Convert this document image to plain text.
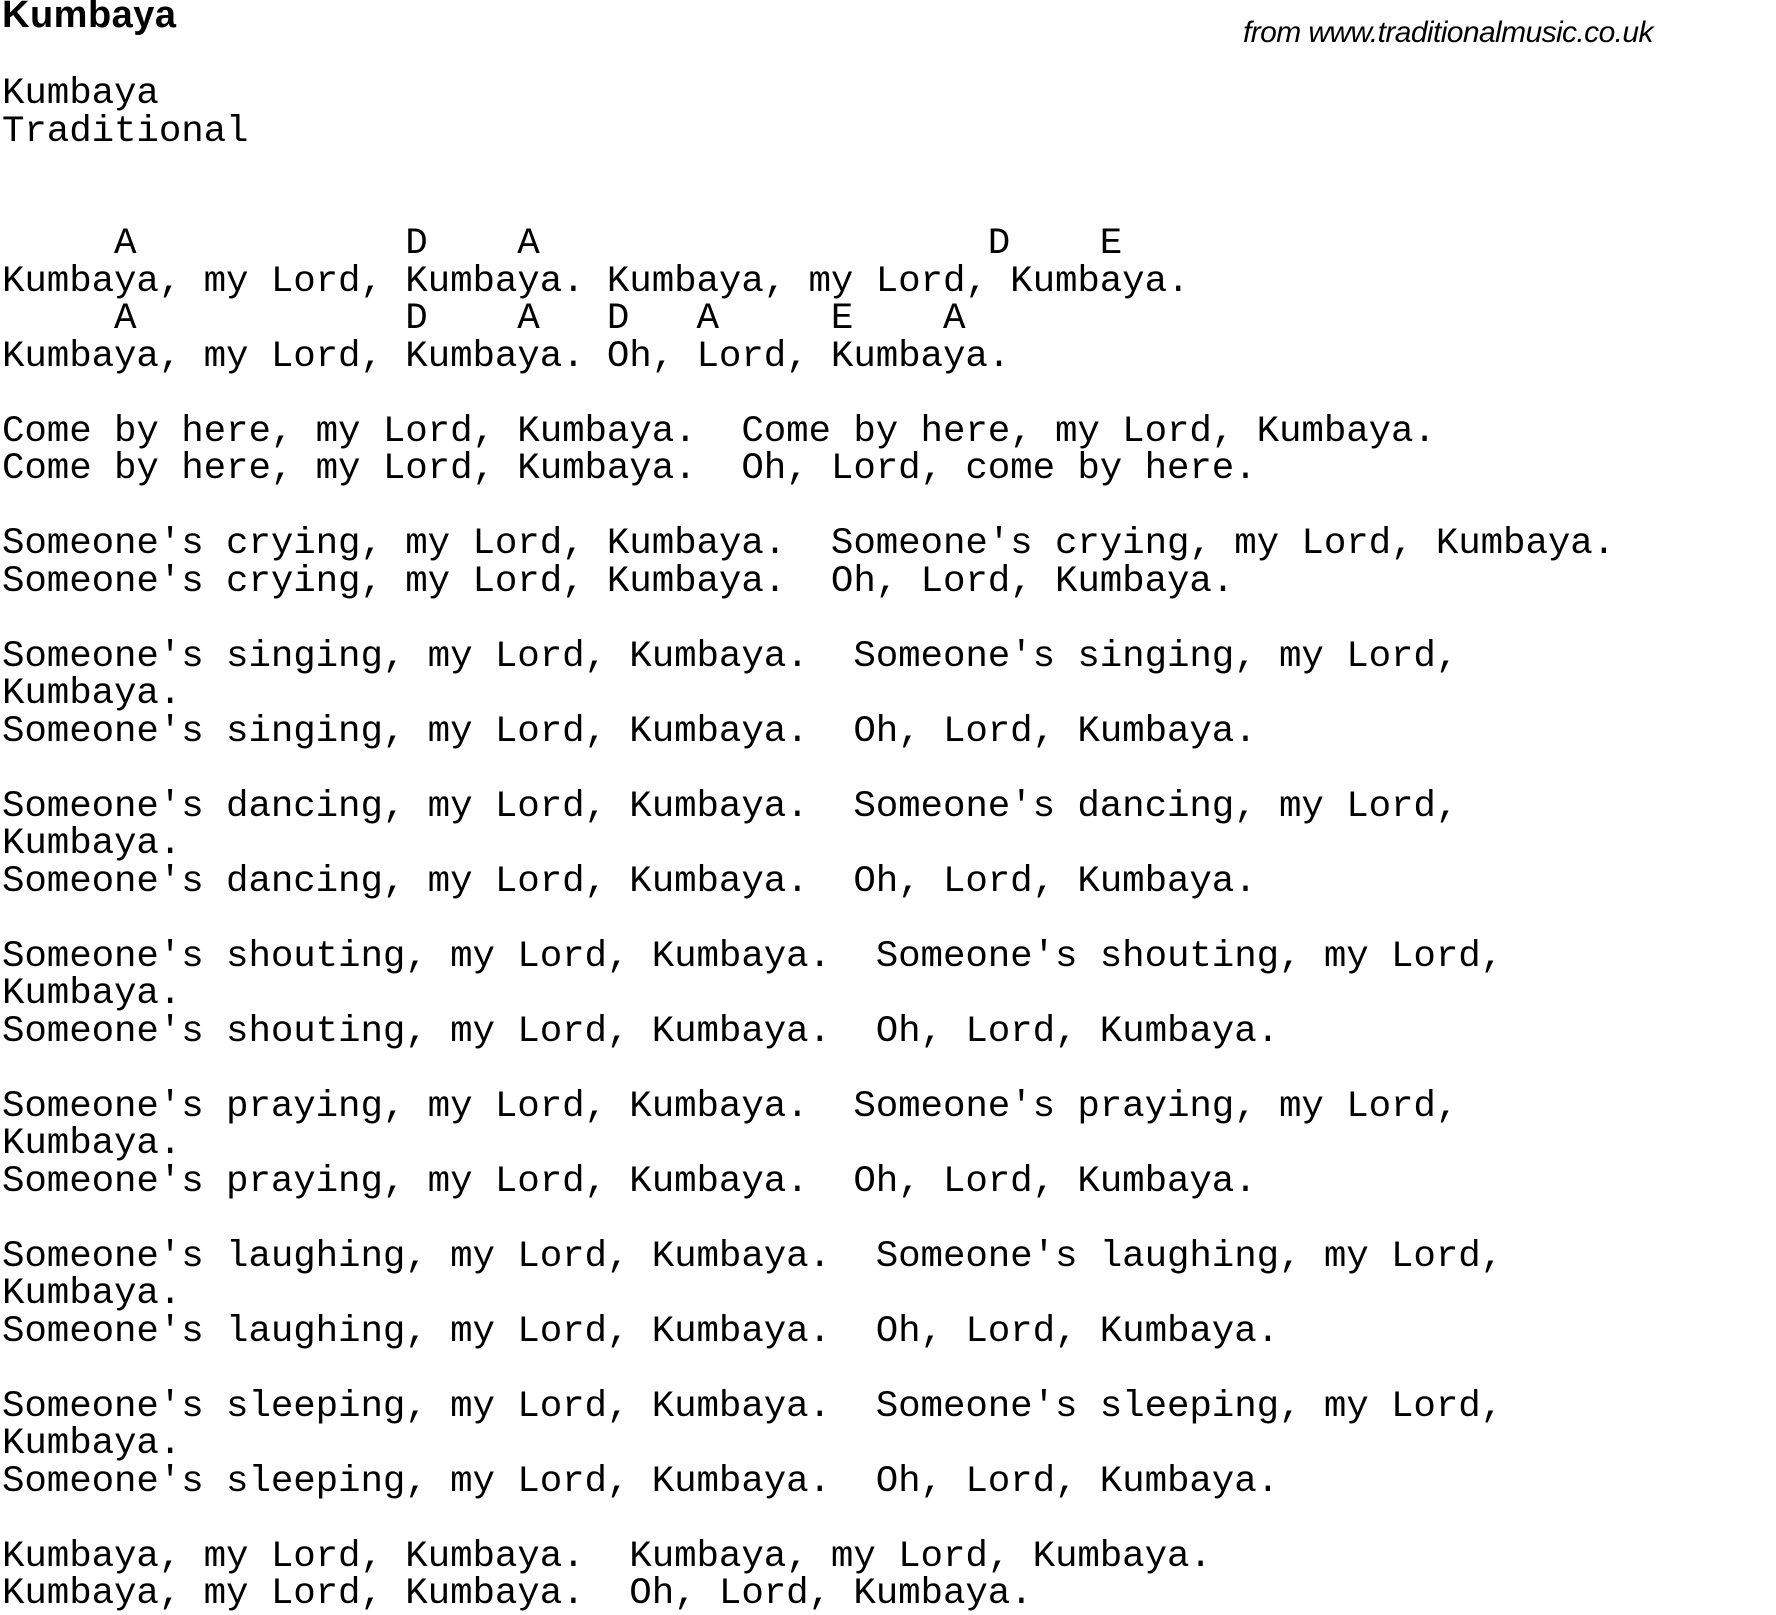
Kumbaya	from www.traditionalmusic.co.uk
Kumbaya
Traditional
A            D    A                    D    E
Kumbaya, my Lord, Kumbaya. Kumbaya, my Lord, Kumbaya.
A            D    A   D   A     E    A
Kumbaya, my Lord, Kumbaya. Oh, Lord, Kumbaya.
Come by here, my Lord, Kumbaya.  Come by here, my Lord, Kumbaya.
Come by here, my Lord, Kumbaya.  Oh, Lord, come by here.
Someone's crying, my Lord, Kumbaya.  Someone's crying, my Lord, Kumbaya.
Someone's crying, my Lord, Kumbaya.  Oh, Lord, Kumbaya.
Someone's singing, my Lord, Kumbaya.  Someone's singing, my Lord,
Kumbaya.
Someone's singing, my Lord, Kumbaya.  Oh, Lord, Kumbaya.
Someone's dancing, my Lord, Kumbaya.  Someone's dancing, my Lord,
Kumbaya.
Someone's dancing, my Lord, Kumbaya.  Oh, Lord, Kumbaya.
Someone's shouting, my Lord, Kumbaya.  Someone's shouting, my Lord,
Kumbaya.
Someone's shouting, my Lord, Kumbaya.  Oh, Lord, Kumbaya.
Someone's praying, my Lord, Kumbaya.  Someone's praying, my Lord,
Kumbaya.
Someone's praying, my Lord, Kumbaya.  Oh, Lord, Kumbaya.
Someone's laughing, my Lord, Kumbaya.  Someone's laughing, my Lord,
Kumbaya.
Someone's laughing, my Lord, Kumbaya.  Oh, Lord, Kumbaya.
Someone's sleeping, my Lord, Kumbaya.  Someone's sleeping, my Lord,
Kumbaya.
Someone's sleeping, my Lord, Kumbaya.  Oh, Lord, Kumbaya.
Kumbaya, my Lord, Kumbaya.  Kumbaya, my Lord, Kumbaya.
Kumbaya, my Lord, Kumbaya.  Oh, Lord, Kumbaya.
